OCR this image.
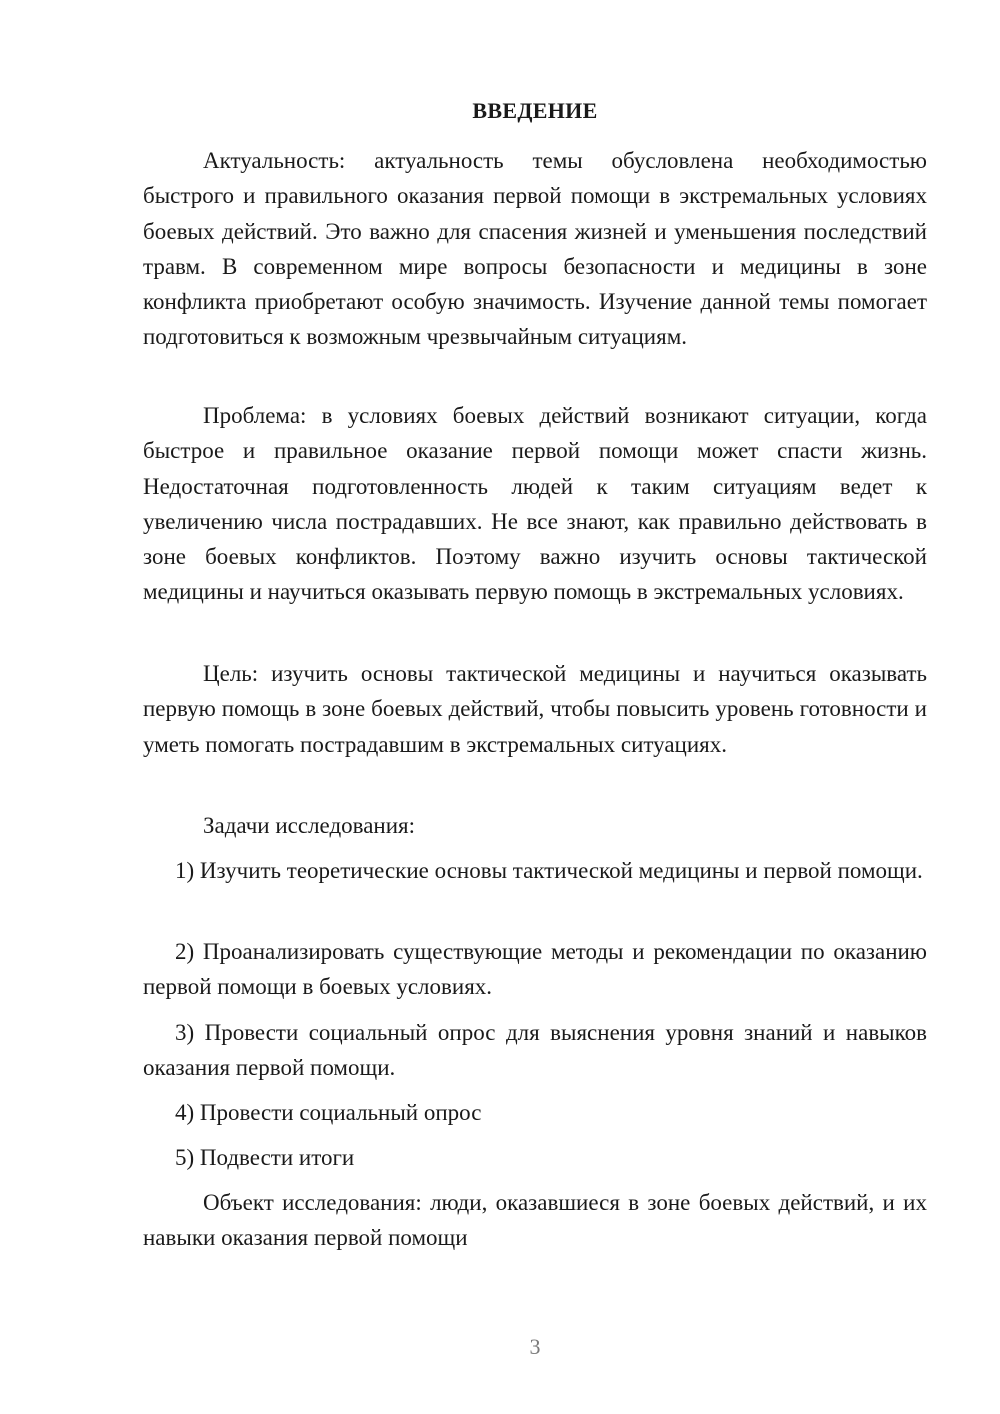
ВВЕДЕНИЕ

Актуальность: актуальность темы обусловлена необходимостью быстрого и правильного оказания первой помощи в экстремальных условиях боевых действий. Это важно для спасения жизней и уменьшения последствий травм. В современном мире вопросы безопасности и медицины в зоне конфликта приобретают особую значимость. Изучение данной темы помогает подготовиться к возможным чрезвычайным ситуациям.

Проблема: в условиях боевых действий возникают ситуации, когда быстрое и правильное оказание первой помощи может спасти жизнь. Недостаточная подготовленность людей к таким ситуациям ведет к увеличению числа пострадавших. Не все знают, как правильно действовать в зоне боевых конфликтов. Поэтому важно изучить основы тактической медицины и научиться оказывать первую помощь в экстремальных условиях.

Цель: изучить основы тактической медицины и научиться оказывать первую помощь в зоне боевых действий, чтобы повысить уровень готовности и уметь помогать пострадавшим в экстремальных ситуациях.

Задачи исследования:

1) Изучить теоретические основы тактической медицины и первой помощи.

2) Проанализировать существующие методы и рекомендации по оказанию первой помощи в боевых условиях.

3) Провести социальный опрос для выяснения уровня знаний и навыков оказания первой помощи.

4) Провести социальный опрос

5) Подвести итоги

Объект исследования: люди, оказавшиеся в зоне боевых действий, и их навыки оказания первой помощи

3
